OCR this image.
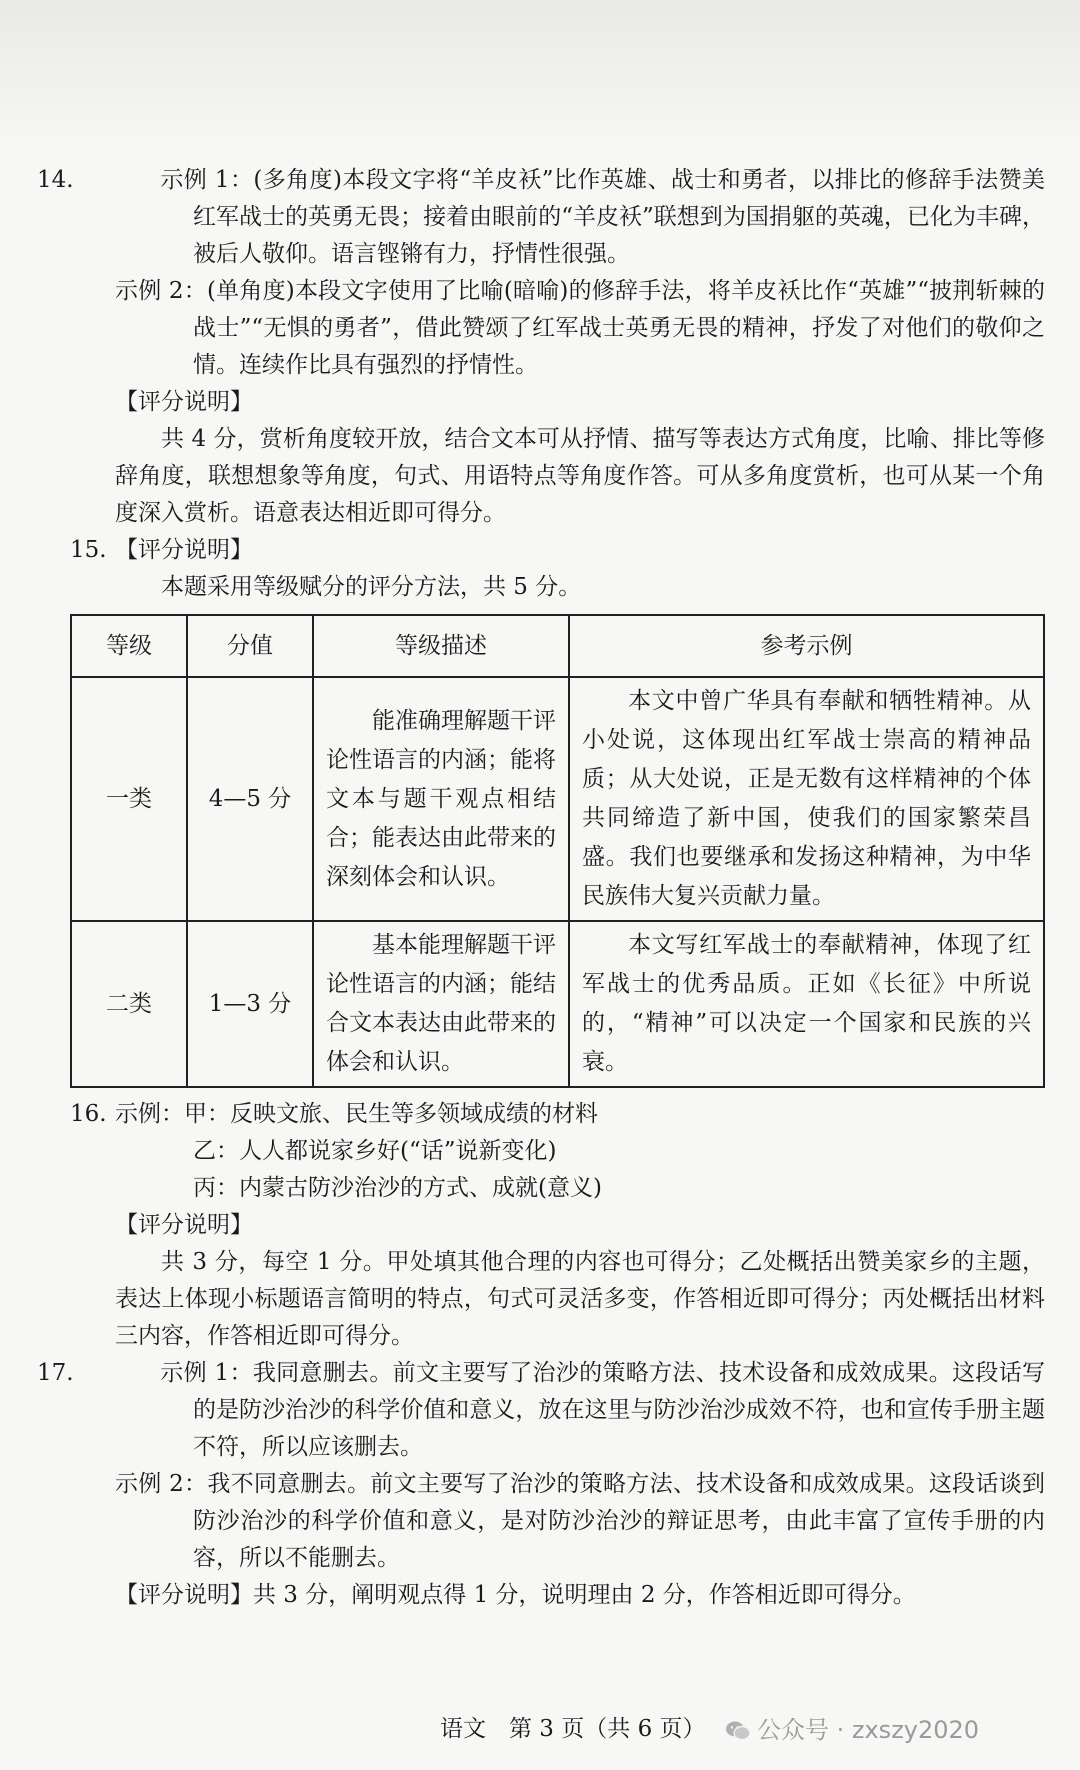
14.	示例 1：(多角度)本段文字将“羊皮袄”比作英雄、战士和勇者，以排比的修辞手法赞美红军战士的英勇无畏；接着由眼前的“羊皮袄”联想到为国捐躯的英魂，已化为丰碑，被后人敬仰。语言铿锵有力，抒情性很强。

示例 2：(单角度)本段文字使用了比喻(暗喻)的修辞手法，将羊皮袄比作“英雄”“披荆斩棘的战士”“无惧的勇者”，借此赞颂了红军战士英勇无畏的精神，抒发了对他们的敬仰之情。连续作比具有强烈的抒情性。

【评分说明】

共 4 分，赏析角度较开放，结合文本可从抒情、描写等表达方式角度，比喻、排比等修辞角度，联想想象等角度，句式、用语特点等角度作答。可从多角度赏析，也可从某一个角度深入赏析。语意表达相近即可得分。

15. 【评分说明】

本题采用等级赋分的评分方法，共 5 分。

等级	分值	等级描述	参考示例
一类	4—5 分	能准确理解题干评论性语言的内涵；能将文本与题干观点相结合；能表达由此带来的深刻体会和认识。	本文中曾广华具有奉献和牺牲精神。从小处说，这体现出红军战士崇高的精神品质；从大处说，正是无数有这样精神的个体共同缔造了新中国，使我们的国家繁荣昌盛。我们也要继承和发扬这种精神，为中华民族伟大复兴贡献力量。
二类	1—3 分	基本能理解题干评论性语言的内涵；能结合文本表达由此带来的体会和认识。	本文写红军战士的奉献精神，体现了红军战士的优秀品质。正如《长征》中所说的，“精神”可以决定一个国家和民族的兴衰。

16. 示例：甲：反映文旅、民生等多领域成绩的材料

乙：人人都说家乡好(“话”说新变化)

丙：内蒙古防沙治沙的方式、成就(意义)

【评分说明】

共 3 分，每空 1 分。甲处填其他合理的内容也可得分；乙处概括出赞美家乡的主题，表达上体现小标题语言简明的特点，句式可灵活多变，作答相近即可得分；丙处概括出材料三内容，作答相近即可得分。

17.	示例 1：我同意删去。前文主要写了治沙的策略方法、技术设备和成效成果。这段话写的是防沙治沙的科学价值和意义，放在这里与防沙治沙成效不符，也和宣传手册主题不符，所以应该删去。

示例 2：我不同意删去。前文主要写了治沙的策略方法、技术设备和成效成果。这段话谈到防沙治沙的科学价值和意义，是对防沙治沙的辩证思考，由此丰富了宣传手册的内容，所以不能删去。

【评分说明】共 3 分，阐明观点得 1 分，说明理由 2 分，作答相近即可得分。

语文　第 3 页（共 6 页）	公众号 · zxszy2020
